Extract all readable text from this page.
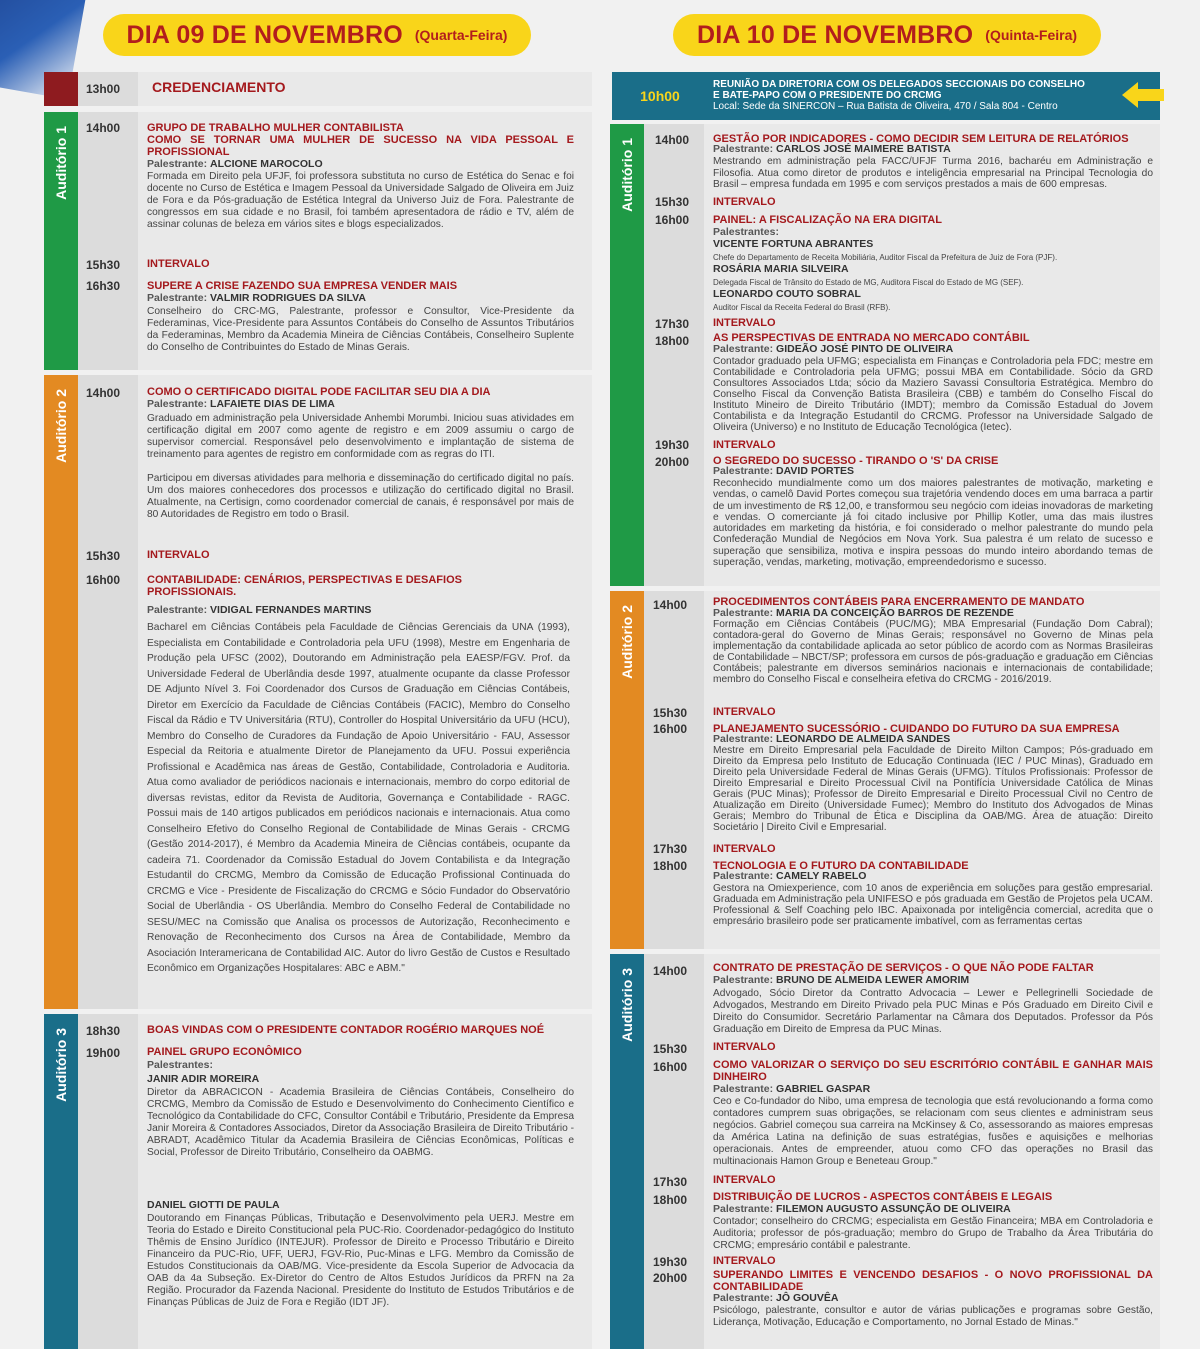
DIA 09 DE NOVEMBRO (Quarta-Feira)	DIA 10 DE NOVEMBRO (Quinta-Feira)
13h00 CREDENCIAMENTO
Auditório 1 14h00 GRUPO DE TRABALHO MULHER CONTABILISTA
COMO SE TORNAR UMA MULHER DE SUCESSO NA VIDA PESSOAL E PROFISSIONAL
Palestrante: ALCIONE MAROCOLO
Formada em Direito pela UFJF, foi professora substituta no curso de Estética do Senac e foi docente no Curso de Estética e Imagem Pessoal da Universidade Salgado de Oliveira em Juiz de Fora e da Pós-graduação de Estética Integral da Universo Juiz de Fora. Palestrante de congressos em sua cidade e no Brasil, foi também apresentadora de rádio e TV, além de assinar colunas de beleza em vários sites e blogs especializados.
15h30 INTERVALO
16h30 SUPERE A CRISE FAZENDO SUA EMPRESA VENDER MAIS
Palestrante: VALMIR RODRIGUES DA SILVA
Conselheiro do CRC-MG, Palestrante, professor e Consultor, Vice-Presidente da Federaminas, Vice-Presidente para Assuntos Contábeis do Conselho de Assuntos Tributários da Federaminas, Membro da Academia Mineira de Ciências Contábeis, Conselheiro Suplente do Conselho de Contribuintes do Estado de Minas Gerais.
Auditório 2 14h00 COMO O CERTIFICADO DIGITAL PODE FACILITAR SEU DIA A DIA
Palestrante: LAFAIETE DIAS DE LIMA
Graduado em administração pela Universidade Anhembi Morumbi. Iniciou suas atividades em certificação digital em 2007 como agente de registro e em 2009 assumiu o cargo de supervisor comercial. Responsável pelo desenvolvimento e implantação de sistema de treinamento para agentes de registro em conformidade com as regras do ITI.
Participou em diversas atividades para melhoria e disseminação do certificado digital no país. Um dos maiores conhecedores dos processos e utilização do certificado digital no Brasil. Atualmente, na Certisign, como coordenador comercial de canais, é responsável por mais de 80 Autoridades de Registro em todo o Brasil.
15h30 INTERVALO
16h00 CONTABILIDADE: CENÁRIOS, PERSPECTIVAS E DESAFIOS PROFISSIONAIS.
Palestrante: VIDIGAL FERNANDES MARTINS
Bacharel em Ciências Contábeis pela Faculdade de Ciências Gerenciais da UNA (1993), Especialista em Contabilidade e Controladoria pela UFU (1998), Mestre em Engenharia de Produção pela UFSC (2002), Doutorando em Administração pela EAESP/FGV. Prof. da Universidade Federal de Uberlândia desde 1997, atualmente ocupante da classe Professor DE Adjunto Nível 3. Foi Coordenador dos Cursos de Graduação em Ciências Contábeis, Diretor em Exercício da Faculdade de Ciências Contábeis (FACIC), Membro do Conselho Fiscal da Rádio e TV Universitária (RTU), Controller do Hospital Universitário da UFU (HCU), Membro do Conselho de Curadores da Fundação de Apoio Universitário - FAU, Assessor Especial da Reitoria e atualmente Diretor de Planejamento da UFU. Possui experiência Profissional e Acadêmica nas áreas de Gestão, Contabilidade, Controladoria e Auditoria. Atua como avaliador de periódicos nacionais e internacionais, membro do corpo editorial de diversas revistas, editor da Revista de Auditoria, Governança e Contabilidade - RAGC. Possui mais de 140 artigos publicados em periódicos nacionais e internacionais. Atua como Conselheiro Efetivo do Conselho Regional de Contabilidade de Minas Gerais - CRCMG (Gestão 2014-2017), é Membro da Academia Mineira de Ciências contábeis, ocupante da cadeira 71. Coordenador da Comissão Estadual do Jovem Contabilista e da Integração Estudantil do CRCMG, Membro da Comissão de Educação Profissional Continuada do CRCMG e Vice - Presidente de Fiscalização do CRCMG e Sócio Fundador do Observatório Social de Uberlândia - OS Uberlândia. Membro do Conselho Federal de Contabilidade no SESU/MEC na Comissão que Analisa os processos de Autorização, Reconhecimento e Renovação de Reconhecimento dos Cursos na Área de Contabilidade, Membro da Asociación Interamericana de Contabilidad AIC. Autor do livro Gestão de Custos e Resultado Econômico em Organizações Hospitalares: ABC e ABM."
Auditório 3 18h30 BOAS VINDAS COM O PRESIDENTE CONTADOR ROGÉRIO MARQUES NOÉ
19h00 PAINEL GRUPO ECONÔMICO
Palestrantes:
JANIR ADIR MOREIRA
Diretor da ABRACICON - Academia Brasileira de Ciências Contábeis, Conselheiro do CRCMG, Membro da Comissão de Estudo e Desenvolvimento do Conhecimento Científico e Tecnológico da Contabilidade do CFC, Consultor Contábil e Tributário, Presidente da Empresa Janir Moreira & Contadores Associados, Diretor da Associação Brasileira de Direito Tributário - ABRADT, Acadêmico Titular da Academia Brasileira de Ciências Econômicas, Políticas e Social, Professor de Direito Tributário, Conselheiro da OABMG.
DANIEL GIOTTI DE PAULA
Doutorando em Finanças Públicas, Tributação e Desenvolvimento pela UERJ. Mestre em Teoria do Estado e Direito Constitucional pela PUC-Rio. Coordenador-pedagógico do Instituto Thêmis de Ensino Jurídico (INTEJUR). Professor de Direito e Processo Tributário e Direito Financeiro da PUC-Rio, UFF, UERJ, FGV-Rio, Puc-Minas e LFG. Membro da Comissão de Estudos Constitucionais da OAB/MG. Vice-presidente da Escola Superior de Advocacia da OAB da 4a Subseção. Ex-Diretor do Centro de Altos Estudos Jurídicos da PRFN na 2a Região. Procurador da Fazenda Nacional. Presidente do Instituto de Estudos Tributários e de Finanças Públicas de Juiz de Fora e Região (IDT JF).
10h00
REUNIÃO DA DIRETORIA COM OS DELEGADOS SECCIONAIS DO CONSELHO
E BATE-PAPO COM O PRESIDENTE DO CRCMG
Local: Sede da SINERCON – Rua Batista de Oliveira, 470 / Sala 804 - Centro
Auditório 1 14h00 GESTÃO POR INDICADORES - COMO DECIDIR SEM LEITURA DE RELATÓRIOS
Palestrante: CARLOS JOSÉ MAIMERE BATISTA
Mestrando em administração pela FACC/UFJF Turma 2016, bacharéu em Administração e Filosofia. Atua como diretor de produtos e inteligência empresarial na Principal Tecnologia do Brasil – empresa fundada em 1995 e com serviços prestados a mais de 600 empresas.
15h30 INTERVALO
16h00 PAINEL: A FISCALIZAÇÃO NA ERA DIGITAL
Palestrantes:
VICENTE FORTUNA ABRANTES
Chefe do Departamento de Receita Mobiliária, Auditor Fiscal da Prefeitura de Juiz de Fora (PJF).
ROSÁRIA MARIA SILVEIRA
Delegada Fiscal de Trânsito do Estado de MG, Auditora Fiscal do Estado de MG (SEF).
LEONARDO COUTO SOBRAL
Auditor Fiscal da Receita Federal do Brasil (RFB).
17h30 INTERVALO
18h00 AS PERSPECTIVAS DE ENTRADA NO MERCADO CONTÁBIL
Palestrante: GIDEÃO JOSÉ PINTO DE OLIVEIRA
Contador graduado pela UFMG; especialista em Finanças e Controladoria pela FDC; mestre em Contabilidade e Controladoria pela UFMG; possui MBA em Contabilidade. Sócio da GRD Consultores Associados Ltda; sócio da Maziero Savassi Consultoria Estratégica. Membro do Conselho Fiscal da Convenção Batista Brasileira (CBB) e também do Conselho Fiscal do Instituto Mineiro de Direito Tributário (IMDT); membro da Comissão Estadual do Jovem Contabilista e da Integração Estudantil do CRCMG. Professor na Universidade Salgado de Oliveira (Universo) e no Instituto de Educação Tecnológica (Ietec).
19h30 INTERVALO
20h00 O SEGREDO DO SUCESSO - TIRANDO O 'S' DA CRISE
Palestrante: DAVID PORTES
Reconhecido mundialmente como um dos maiores palestrantes de motivação, marketing e vendas, o camelô David Portes começou sua trajetória vendendo doces em uma barraca a partir de um investimento de R$ 12,00, e transformou seu negócio com ideias inovadoras de marketing e vendas. O comerciante já foi citado inclusive por Phillip Kotler, uma das mais ilustres autoridades em marketing da história, e foi considerado o melhor palestrante do mundo pela Confederação Mundial de Negócios em Nova York. Sua palestra é um relato de sucesso e superação que sensibiliza, motiva e inspira pessoas do mundo inteiro abordando temas de superação, vendas, marketing, motivação, empreendedorismo e sucesso.
Auditório 2 14h00 PROCEDIMENTOS CONTÁBEIS PARA ENCERRAMENTO DE MANDATO
Palestrante: MARIA DA CONCEIÇÃO BARROS DE REZENDE
Formação em Ciências Contábeis (PUC/MG); MBA Empresarial (Fundação Dom Cabral); contadora-geral do Governo de Minas Gerais; responsável no Governo de Minas pela implementação da contabilidade aplicada ao setor público de acordo com as Normas Brasileiras de Contabilidade – NBCT/SP; professora em cursos de pós-graduação e graduação em Ciências Contábeis; palestrante em diversos seminários nacionais e internacionais de contabilidade; membro do Conselho Fiscal e conselheira efetiva do CRCMG - 2016/2019.
15h30 INTERVALO
16h00 PLANEJAMENTO SUCESSÓRIO - CUIDANDO DO FUTURO DA SUA EMPRESA
Palestrante: LEONARDO DE ALMEIDA SANDES
Mestre em Direito Empresarial pela Faculdade de Direito Milton Campos; Pós-graduado em Direito da Empresa pelo Instituto de Educação Continuada (IEC / PUC Minas), Graduado em Direito pela Universidade Federal de Minas Gerais (UFMG). Títulos Profissionais: Professor de Direito Empresarial e Direito Processual Civil na Pontifícia Universidade Católica de Minas Gerais (PUC Minas); Professor de Direito Empresarial e Direito Processual Civil no Centro de Atualização em Direito (Universidade Fumec); Membro do Instituto dos Advogados de Minas Gerais; Membro do Tribunal de Ética e Disciplina da OAB/MG. Área de atuação: Direito Societário | Direito Civil e Empresarial.
17h30 INTERVALO
18h00 TECNOLOGIA E O FUTURO DA CONTABILIDADE
Palestrante: CAMELY RABELO
Gestora na Omiexperience, com 10 anos de experiência em soluções para gestão empresarial. Graduada em Administração pela UNIFESO e pós graduada em Gestão de Projetos pela UCAM. Professional & Self Coaching pelo IBC. Apaixonada por inteligência comercial, acredita que o empresário brasileiro pode ser praticamente imbatível, com as ferramentas certas
Auditório 3 14h00 CONTRATO DE PRESTAÇÃO DE SERVIÇOS - O QUE NÃO PODE FALTAR
Palestrante: BRUNO DE ALMEIDA LEWER AMORIM
Advogado, Sócio Diretor da Contratto Advocacia – Lewer e Pellegrinelli Sociedade de Advogados, Mestrando em Direito Privado pela PUC Minas e Pós Graduado em Direito Civil e Direito do Consumidor. Secretário Parlamentar na Câmara dos Deputados. Professor da Pós Graduação em Direito de Empresa da PUC Minas.
15h30 INTERVALO
16h00 COMO VALORIZAR O SERVIÇO DO SEU ESCRITÓRIO CONTÁBIL E GANHAR MAIS DINHEIRO
Palestrante: GABRIEL GASPAR
Ceo e Co-fundador do Nibo, uma empresa de tecnologia que está revolucionando a forma como contadores cumprem suas obrigações, se relacionam com seus clientes e administram seus negócios. Gabriel começou sua carreira na McKinsey & Co, assessorando as maiores empresas da América Latina na definição de suas estratégias, fusões e aquisições e melhorias operacionais. Antes de empreender, atuou como CFO das operações no Brasil das multinacionais Hamon Group e Beneteau Group."
17h30 INTERVALO
18h00 DISTRIBUIÇÃO DE LUCROS - ASPECTOS CONTÁBEIS E LEGAIS
Palestrante: FILEMON AUGUSTO ASSUNÇÃO DE OLIVEIRA
Contador; conselheiro do CRCMG; especialista em Gestão Financeira; MBA em Controladoria e Auditoria; professor de pós-graduação; membro do Grupo de Trabalho da Área Tributária do CRCMG; empresário contábil e palestrante.
19h30 INTERVALO
20h00 SUPERANDO LIMITES E VENCENDO DESAFIOS - O NOVO PROFISSIONAL DA CONTABILIDADE
Palestrante: JÔ GOUVÊA
Psicólogo, palestrante, consultor e autor de várias publicações e programas sobre Gestão, Liderança, Motivação, Educação e Comportamento, no Jornal Estado de Minas."
